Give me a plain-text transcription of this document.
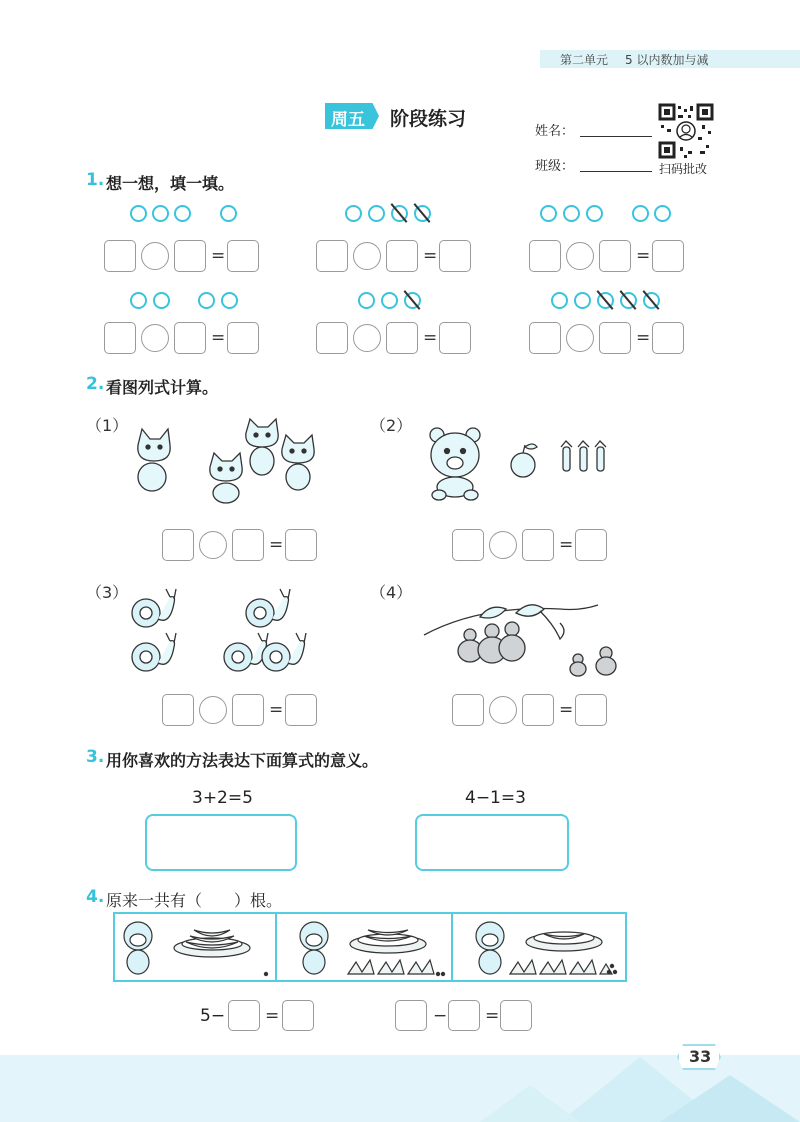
第二单元 5 以内数加与减
周五 阶段练习
姓名：
班级：	扫码批改
1. 想一想，填一填。
=	=	=
=	=	=
2. 看图列式计算。
（1）	（2）
（3）	（4）
=	=
=	=
3. 用你喜欢的方法表达下面算式的意义。
3+2=5	4−1=3
4. 原来一共有（　　）根。
5− =	− =
33
